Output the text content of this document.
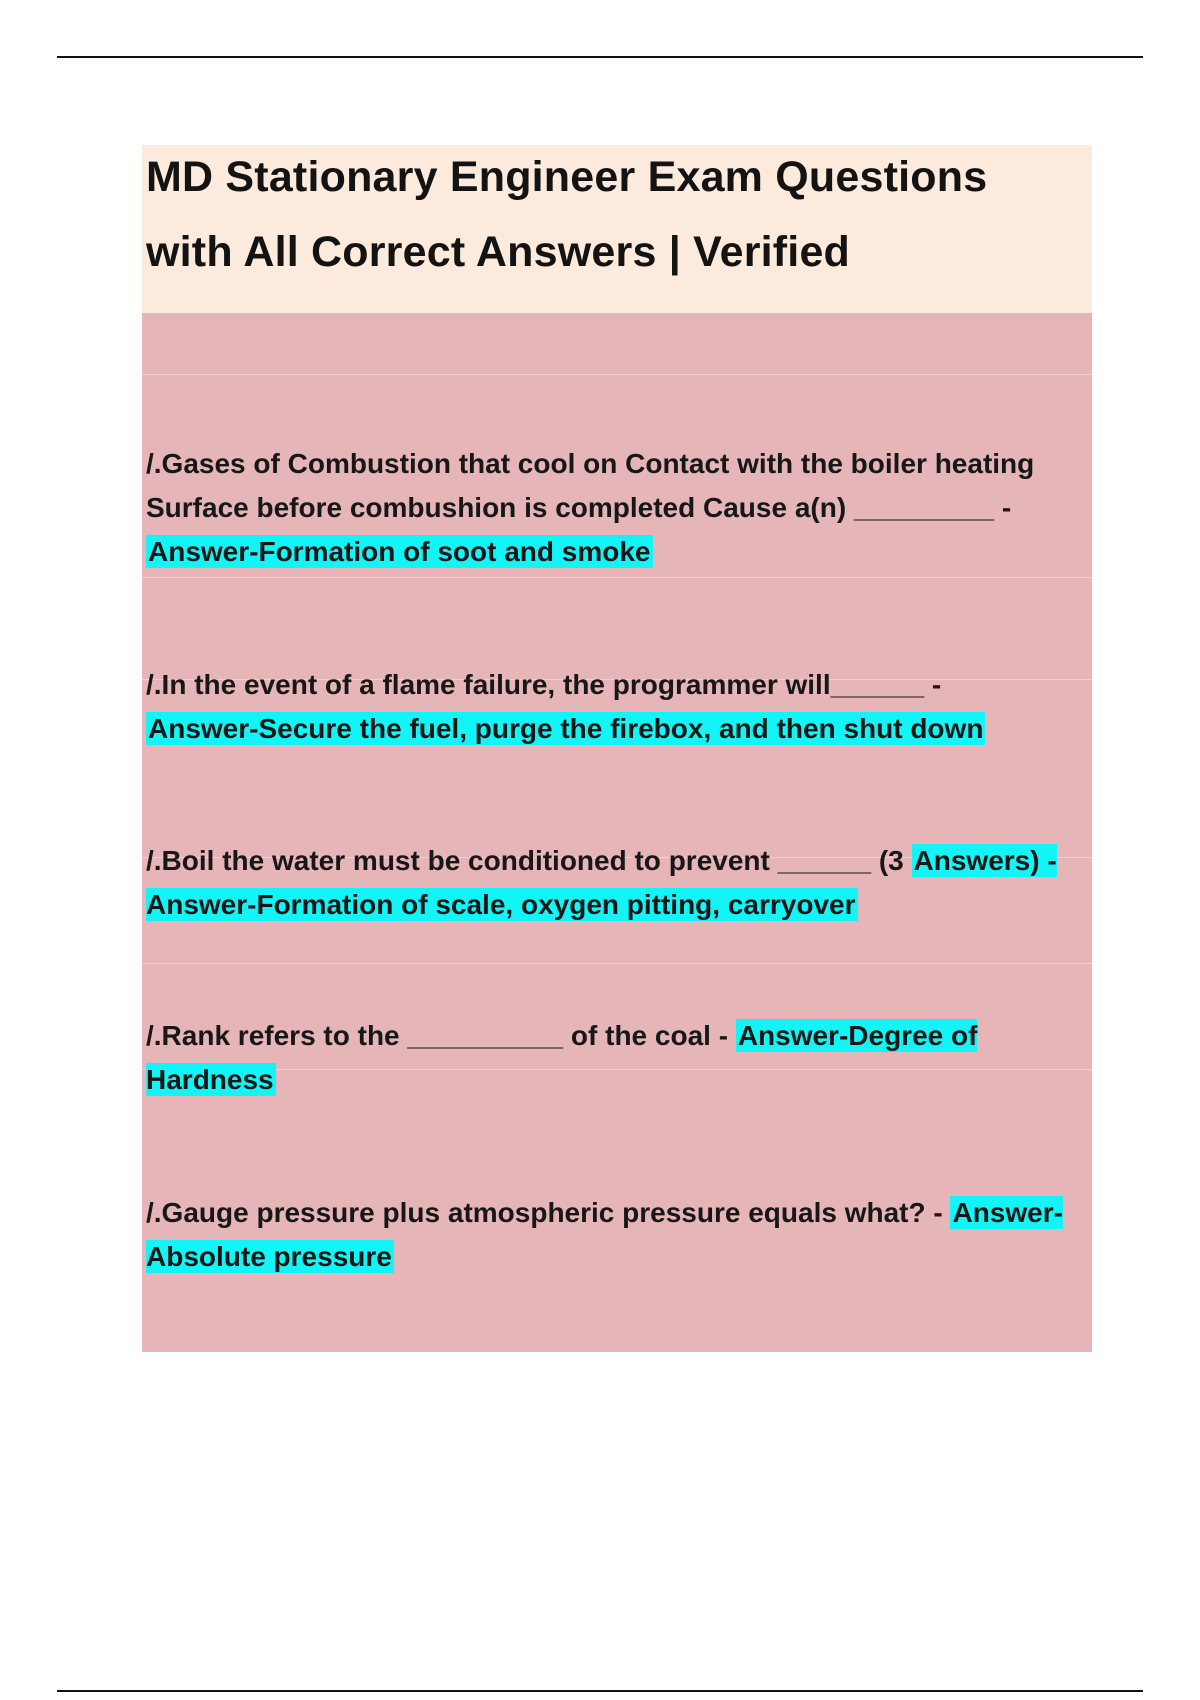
MD Stationary Engineer Exam Questions
with All Correct Answers | Verified
/.Gases of Combustion that cool on Contact with the boiler heating Surface before combushion is completed Cause a(n) _________ -
Answer-Formation of soot and smoke
/.In the event of a flame failure, the programmer will______ -
Answer-Secure the fuel, purge the firebox, and then shut down
/.Boil the water must be conditioned to prevent ______ (3 Answers) - Answer-Formation of scale, oxygen pitting, carryover
/.Rank refers to the __________ of the coal - Answer-Degree of Hardness
/.Gauge pressure plus atmospheric pressure equals what? - Answer-Absolute pressure
